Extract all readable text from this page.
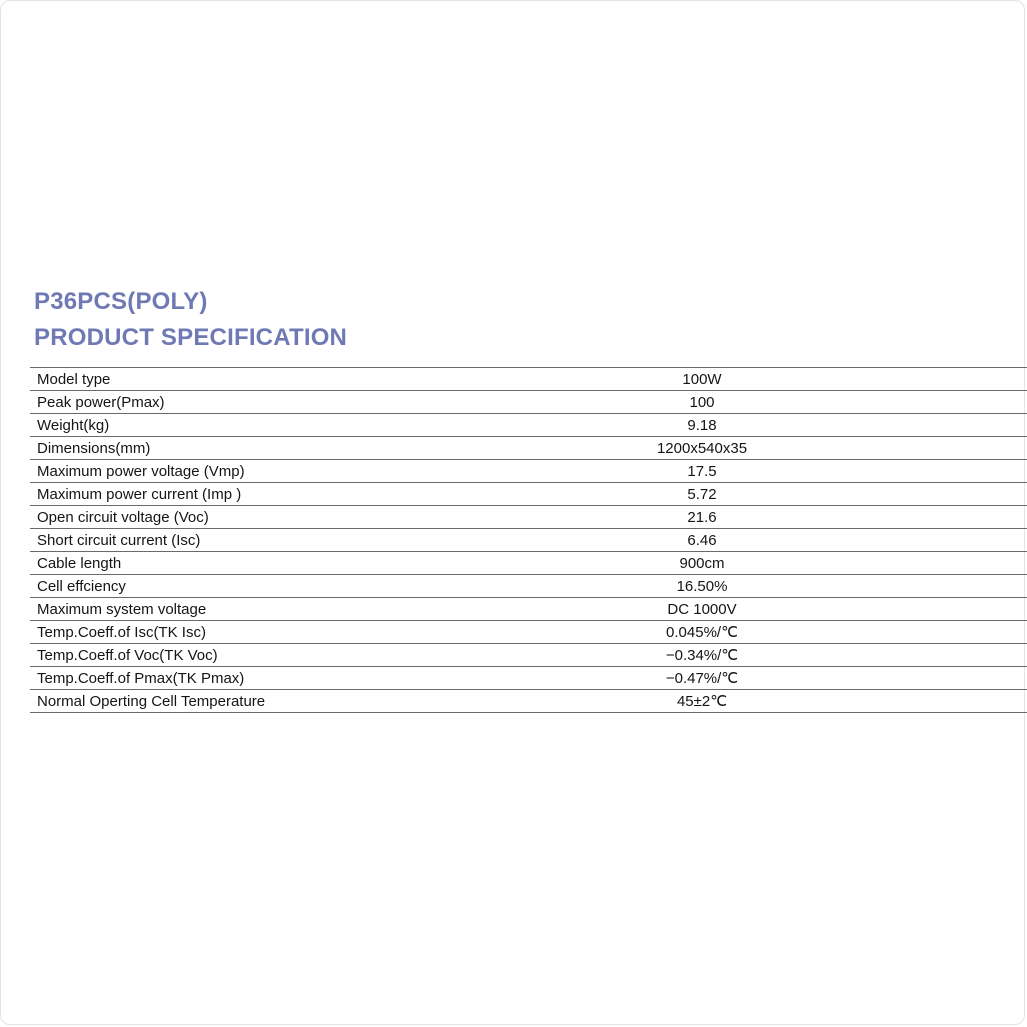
P36PCS(POLY)
PRODUCT SPECIFICATION
Model type	100W
Peak power(Pmax)	100
Weight(kg)	9.18
Dimensions(mm)	1200x540x35
Maximum power voltage (Vmp)	17.5
Maximum power current (Imp )	5.72
Open circuit voltage (Voc)	21.6
Short circuit current (Isc)	6.46
Cable length	900cm
Cell effciency	16.50%
Maximum system voltage	DC 1000V
Temp.Coeff.of Isc(TK Isc)	0.045%/℃
Temp.Coeff.of Voc(TK Voc)	−0.34%/℃
Temp.Coeff.of Pmax(TK Pmax)	−0.47%/℃
Normal Operting Cell Temperature	45±2℃
